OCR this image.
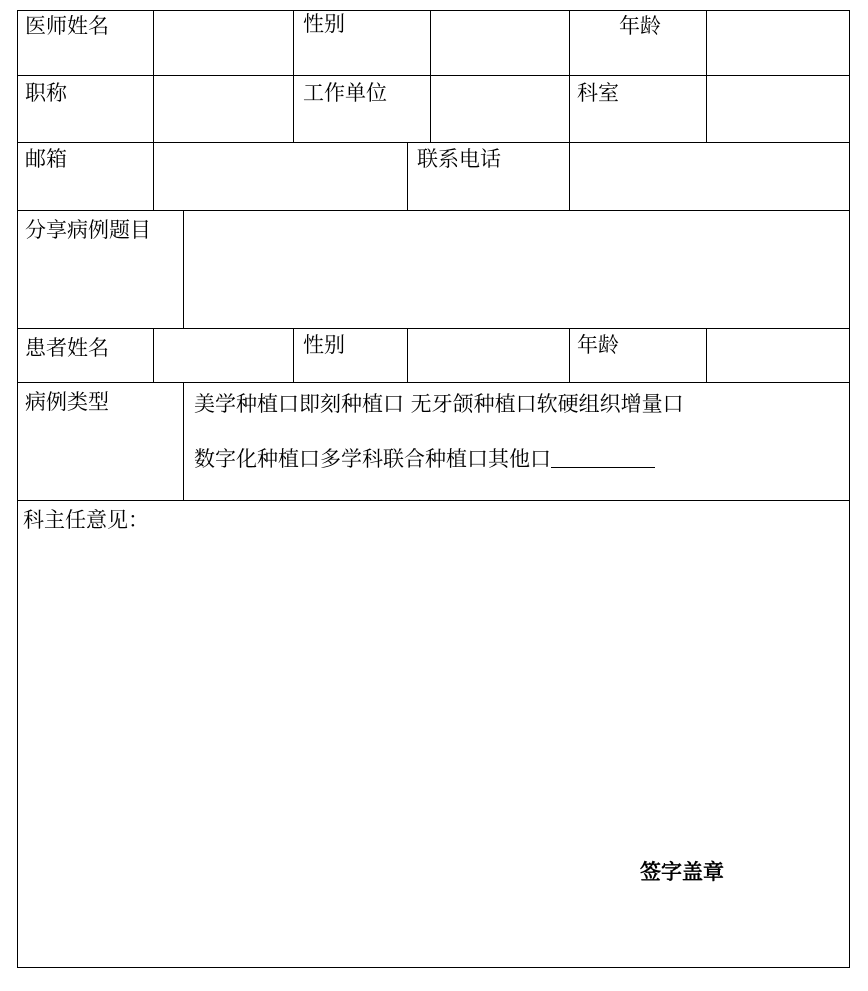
医师姓名	性别	年龄
职称	工作单位	科室
邮箱	联系电话
分享病例题目
患者姓名	性别	年龄
病例类型	美学种植口即刻种植口 无牙颌种植口软硬组织增量口
数字化种植口多学科联合种植口其他口
科主任意见：
签字盖章
